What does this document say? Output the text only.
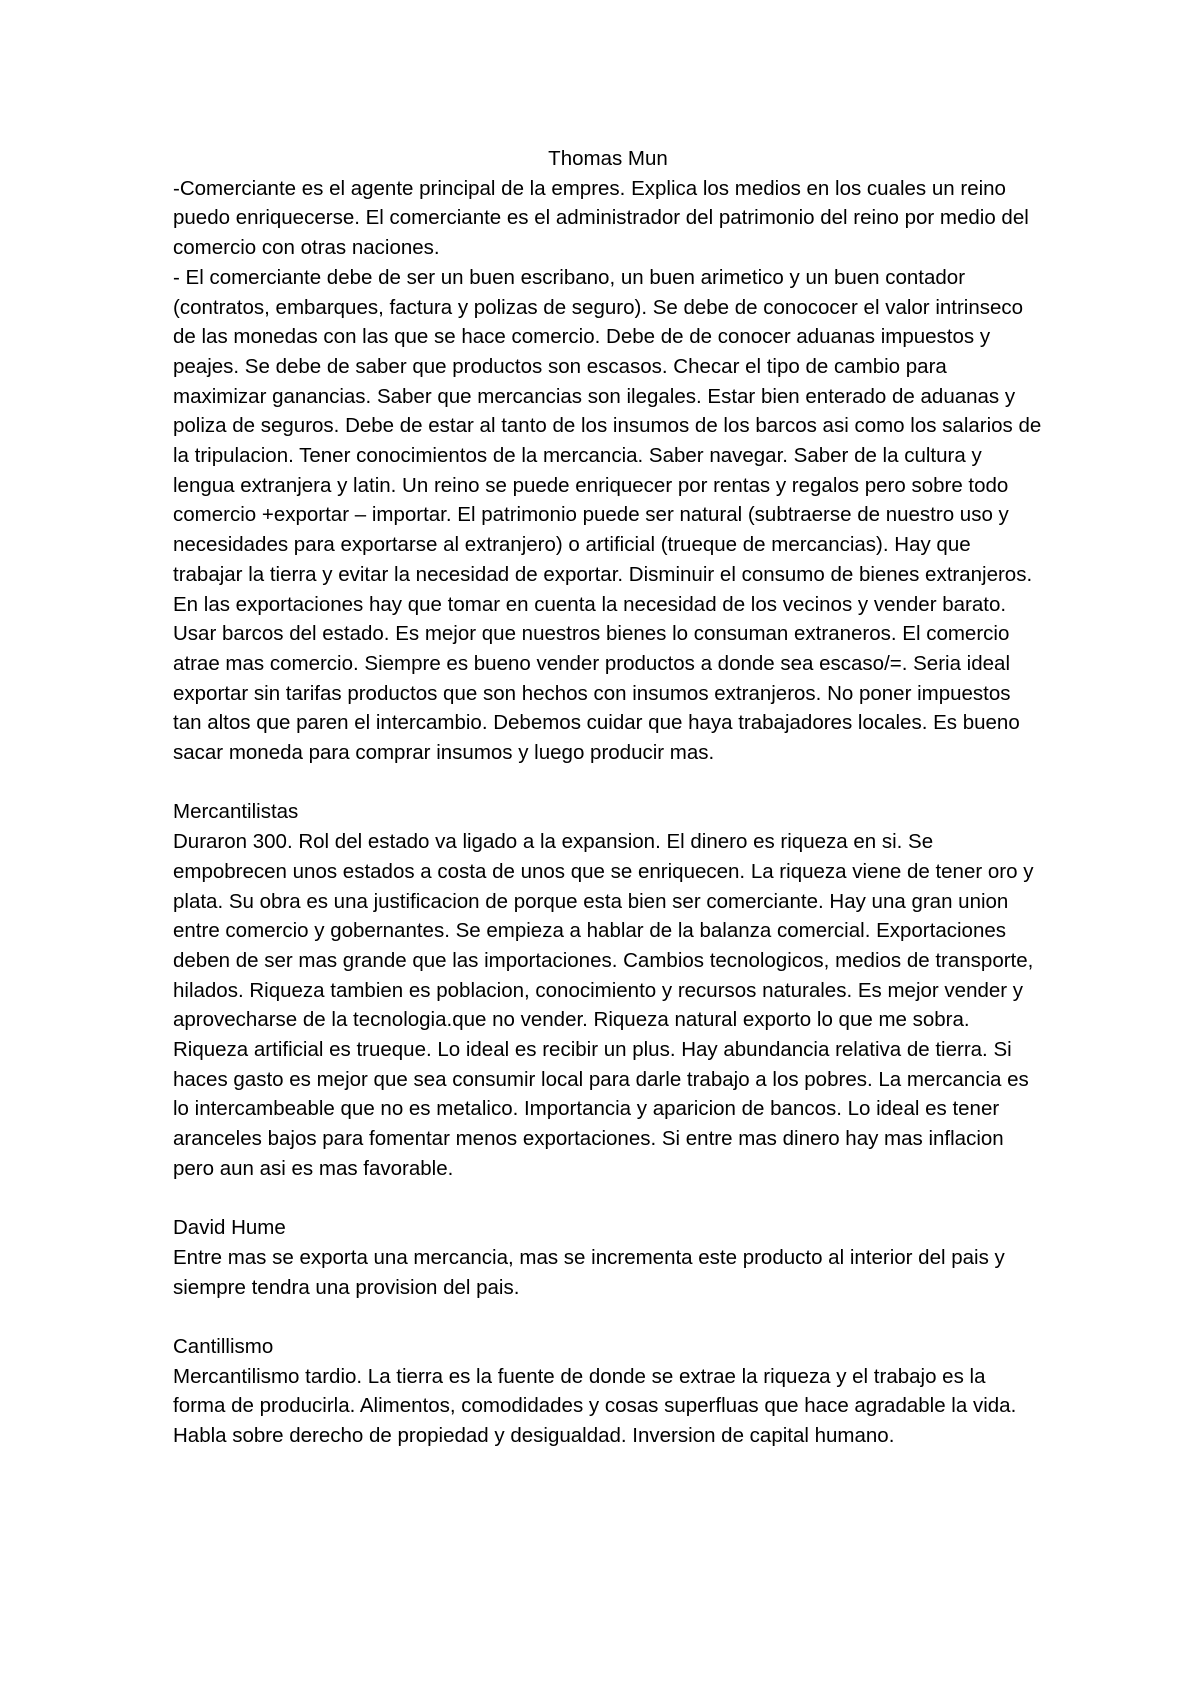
Thomas Mun

-Comerciante es el agente principal de la empres. Explica los medios en los cuales un reino puedo enriquecerse. El comerciante es el administrador del patrimonio del reino por medio del comercio con otras naciones.

- El comerciante debe de ser un buen escribano, un buen arimetico y un buen contador (contratos, embarques, factura y polizas de seguro). Se debe de conococer el valor intrinseco de las monedas con las que se hace comercio. Debe de de conocer aduanas impuestos y peajes. Se debe de saber que productos son escasos. Checar el tipo de cambio para maximizar ganancias. Saber que mercancias son ilegales. Estar bien enterado de aduanas y poliza de seguros. Debe de estar al tanto de los insumos de los barcos asi como los salarios de la tripulacion. Tener conocimientos de la mercancia. Saber navegar. Saber de la cultura y lengua extranjera y latin. Un reino se puede enriquecer por rentas y regalos pero sobre todo comercio +exportar – importar. El patrimonio puede ser natural (subtraerse de nuestro uso y necesidades para exportarse al extranjero) o artificial (trueque de mercancias). Hay que trabajar la tierra y evitar la necesidad de exportar. Disminuir el consumo de bienes extranjeros. En las exportaciones hay que tomar en cuenta la necesidad de los vecinos y vender barato. Usar barcos del estado. Es mejor que nuestros bienes lo consuman extraneros. El comercio atrae mas comercio. Siempre es bueno vender productos a donde sea escaso/=. Seria ideal exportar sin tarifas productos que son hechos con insumos extranjeros. No poner impuestos tan altos que paren el intercambio. Debemos cuidar que haya trabajadores locales. Es bueno sacar moneda para comprar insumos y luego producir mas.

Mercantilistas

Duraron 300. Rol del estado va ligado a la expansion. El dinero es riqueza en si. Se empobrecen unos estados a costa de unos que se enriquecen. La riqueza viene de tener oro y plata. Su obra es una justificacion de porque esta bien ser comerciante. Hay una gran union entre comercio y gobernantes. Se empieza a hablar de la balanza comercial. Exportaciones deben de ser mas grande que las importaciones. Cambios tecnologicos, medios de transporte, hilados. Riqueza tambien es poblacion, conocimiento y recursos naturales. Es mejor vender y aprovecharse de la tecnologia.que no vender. Riqueza natural exporto lo que me sobra. Riqueza artificial es trueque. Lo ideal es recibir un plus. Hay abundancia relativa de tierra. Si haces gasto es mejor que sea consumir local para darle trabajo a los pobres. La mercancia es lo intercambeable que no es metalico. Importancia y aparicion de bancos. Lo ideal es tener aranceles bajos para fomentar menos exportaciones. Si entre mas dinero hay mas inflacion pero aun asi es mas favorable.

David Hume

Entre mas se exporta una mercancia, mas se incrementa este producto al interior del pais y siempre tendra una provision del pais.

Cantillismo

Mercantilismo tardio. La tierra es la fuente de donde se extrae la riqueza y el trabajo es la forma de producirla. Alimentos, comodidades y cosas superfluas que hace agradable la vida. Habla sobre derecho de propiedad y desigualdad. Inversion de capital humano.
